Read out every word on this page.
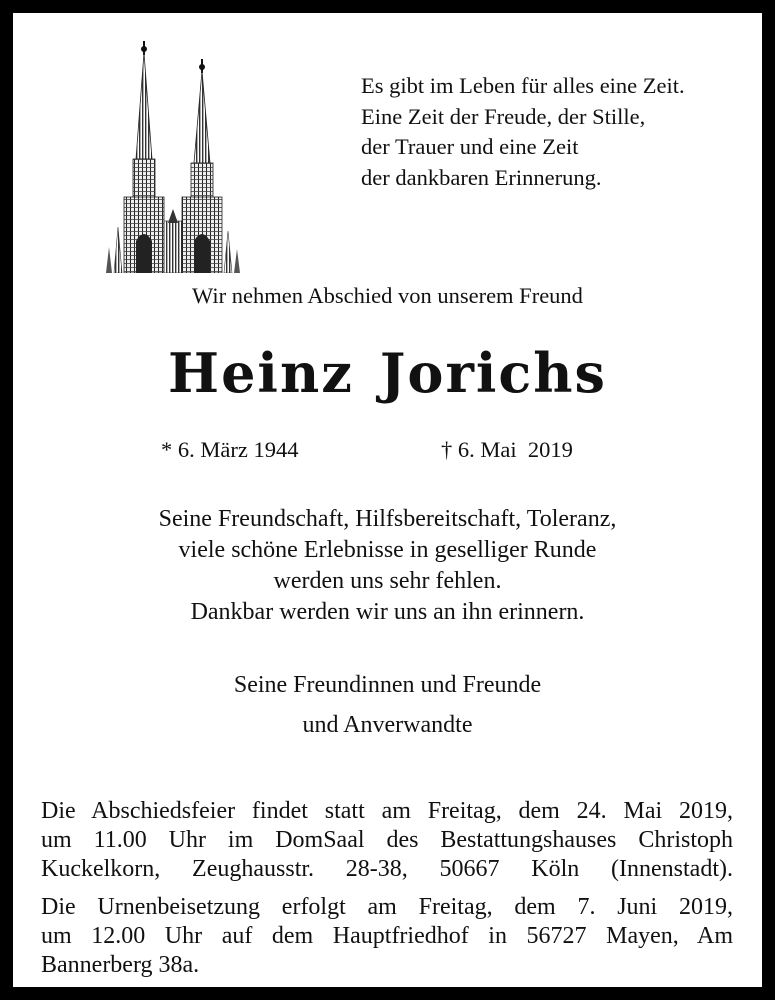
Es gibt im Leben für alles eine Zeit.
Eine Zeit der Freude, der Stille,
der Trauer und eine Zeit
der dankbaren Erinnerung.
Wir nehmen Abschied von unserem Freund
Heinz Jorichs
* 6. März 1944	† 6. Mai  2019
Seine Freundschaft, Hilfsbereitschaft, Toleranz,
viele schöne Erlebnisse in geselliger Runde
werden uns sehr fehlen.
Dankbar werden wir uns an ihn erinnern.
Seine Freundinnen und Freunde
und Anverwandte
Die Abschiedsfeier findet statt am Freitag, dem 24. Mai 2019,
um 11.00 Uhr im DomSaal des Bestattungshauses Christoph
Kuckelkorn, Zeughausstr. 28-38, 50667 Köln (Innenstadt).
Die Urnenbeisetzung erfolgt am Freitag, dem 7. Juni 2019,
um 12.00 Uhr auf dem Hauptfriedhof in 56727 Mayen, Am
Bannerberg 38a.
